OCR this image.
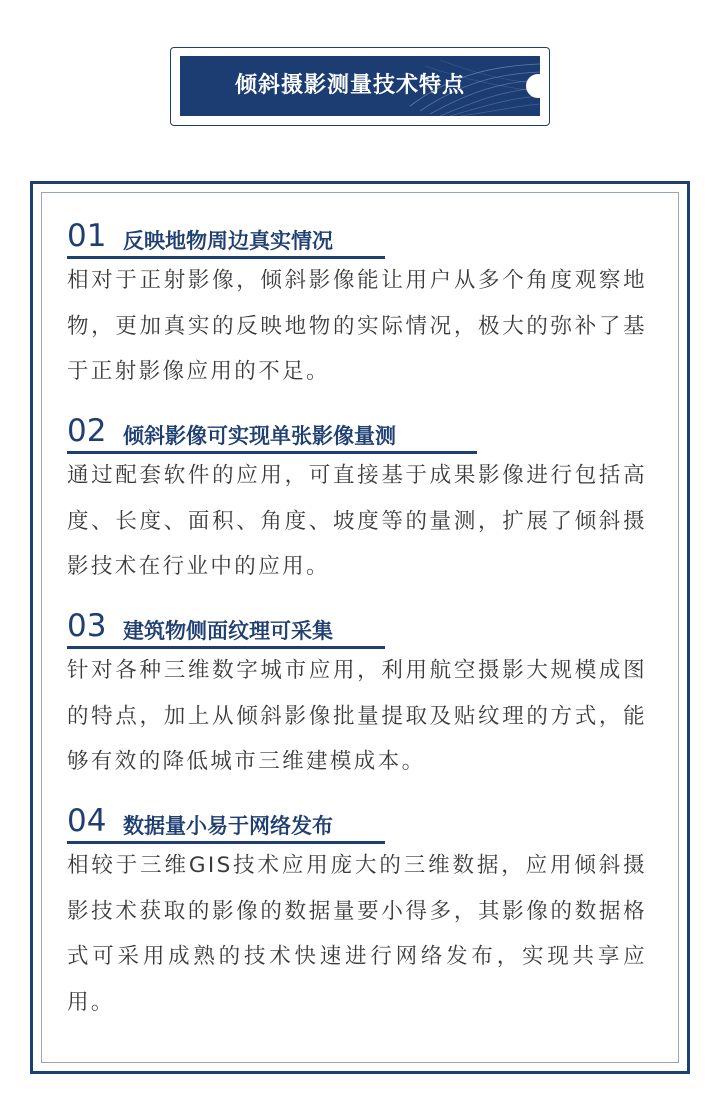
倾斜摄影测量技术特点
01 反映地物周边真实情况
相对于正射影像，倾斜影像能让用户从多个角度观察地物，更加真实的反映地物的实际情况，极大的弥补了基于正射影像应用的不足。
02 倾斜影像可实现单张影像量测
通过配套软件的应用，可直接基于成果影像进行包括高度、长度、面积、角度、坡度等的量测，扩展了倾斜摄影技术在行业中的应用。
03 建筑物侧面纹理可采集
针对各种三维数字城市应用，利用航空摄影大规模成图的特点，加上从倾斜影像批量提取及贴纹理的方式，能够有效的降低城市三维建模成本。
04 数据量小易于网络发布
相较于三维GIS技术应用庞大的三维数据，应用倾斜摄影技术获取的影像的数据量要小得多，其影像的数据格式可采用成熟的技术快速进行网络发布，实现共享应用。
